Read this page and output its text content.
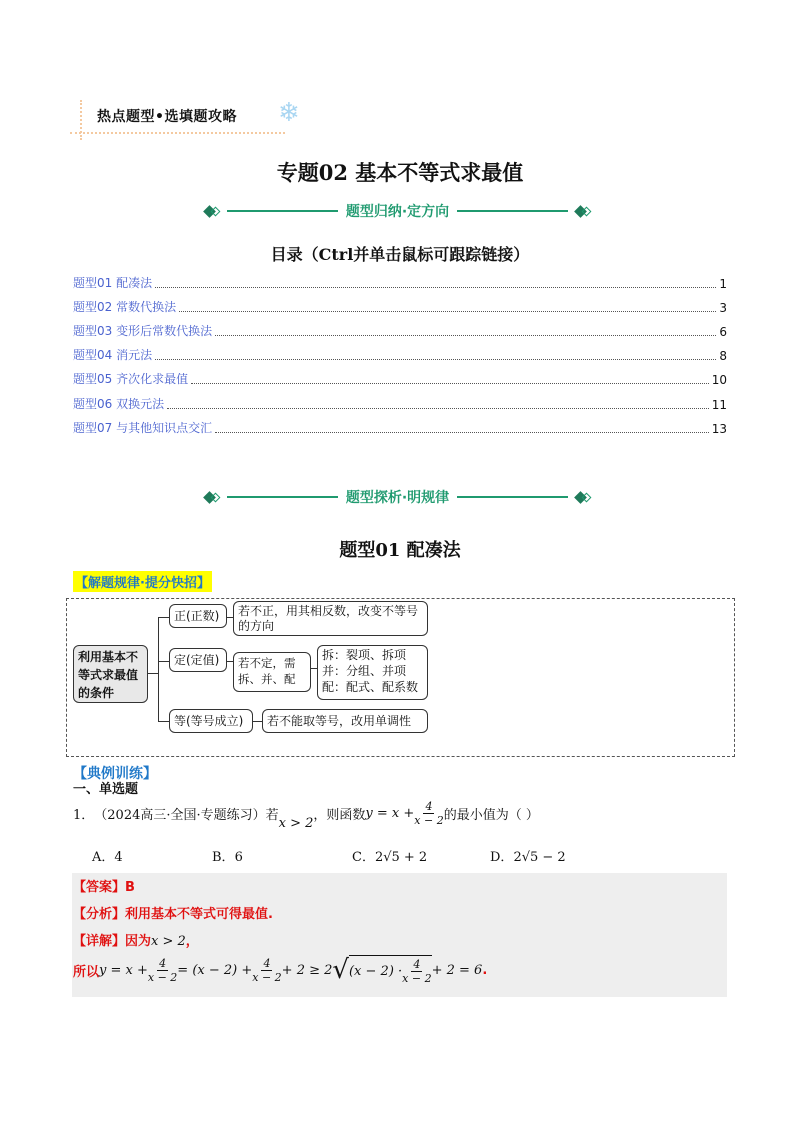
热点题型•选填题攻略 ❄
专题02 基本不等式求最值
题型归纳·定方向
目录（Ctrl并单击鼠标可跟踪链接）
题型01 配凑法	1
题型02 常数代换法	3
题型03 变形后常数代换法	6
题型04 消元法	8
题型05 齐次化求最值	10
题型06 双换元法	11
题型07 与其他知识点交汇	13
题型探析·明规律
题型01 配凑法
【解题规律·提分快招】
利用基本不等式求最值的条件
正(正数)	若不正，用其相反数，改变不等号的方向
定(定值)	若不定，需拆、并、配
拆：裂项、拆项
并：分组、并项
配：配式、配系数
等(等号成立)	若不能取等号，改用单调性
【典例训练】
一、单选题
1． （2024高三·全国·专题练习）若
x > 2
，则函数 $y = x + \frac{4}{x - 2}$ 的最小值为（ ）
A．4	B．6	C．2√5 + 2	D．2√5 − 2
【答案】B
【分析】利用基本不等式可得最值.
【详解】因为x > 2，
所以 $y = x + \frac{4}{x - 2} = (x - 2) + \frac{4}{x - 2} + 2 \ge 2$ √ $(x - 2) \cdot \frac{4}{x - 2} + 2 = 6$ .
